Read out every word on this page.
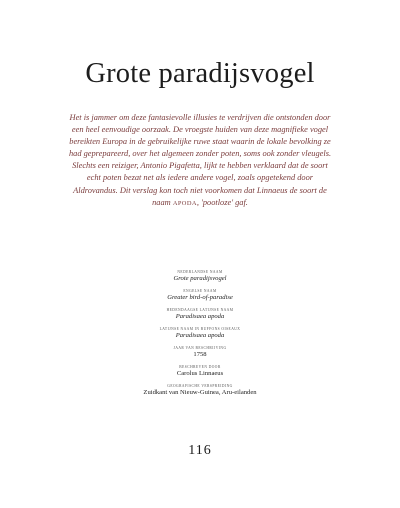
Grote paradijsvogel

Het is jammer om deze fantasievolle illusies te verdrijven die ontstonden door een heel eenvoudige oorzaak. De vroegste huiden van deze magnifieke vogel bereikten Europa in de gebruikelijke ruwe staat waarin de lokale bevolking ze had geprepareerd, over het algemeen zonder poten, soms ook zonder vleugels. Slechts een reiziger, Antonio Pigafetta, lijkt te hebben verklaard dat de soort echt poten bezat net als iedere andere vogel, zoals opgetekend door Aldrovandus. Dit verslag kon toch niet voorkomen dat Linnaeus de soort de naam APODA, 'pootloze' gaf.

NEDERLANDSE NAAM
Grote paradijsvogel
ENGELSE NAAM
Greater bird-of-paradise
HEDENDAAGSE LATIJNSE NAAM
Paradisaea apoda
LATIJNSE NAAM IN BUFFONS OISEAUX
Paradisaea apoda
JAAR VAN BESCHRIJVING
1758
BESCHREVEN DOOR
Carolus Linnaeus
GEOGRAFISCHE VERSPREIDING
Zuidkant van Nieuw-Guinea, Aru-eilanden
116
